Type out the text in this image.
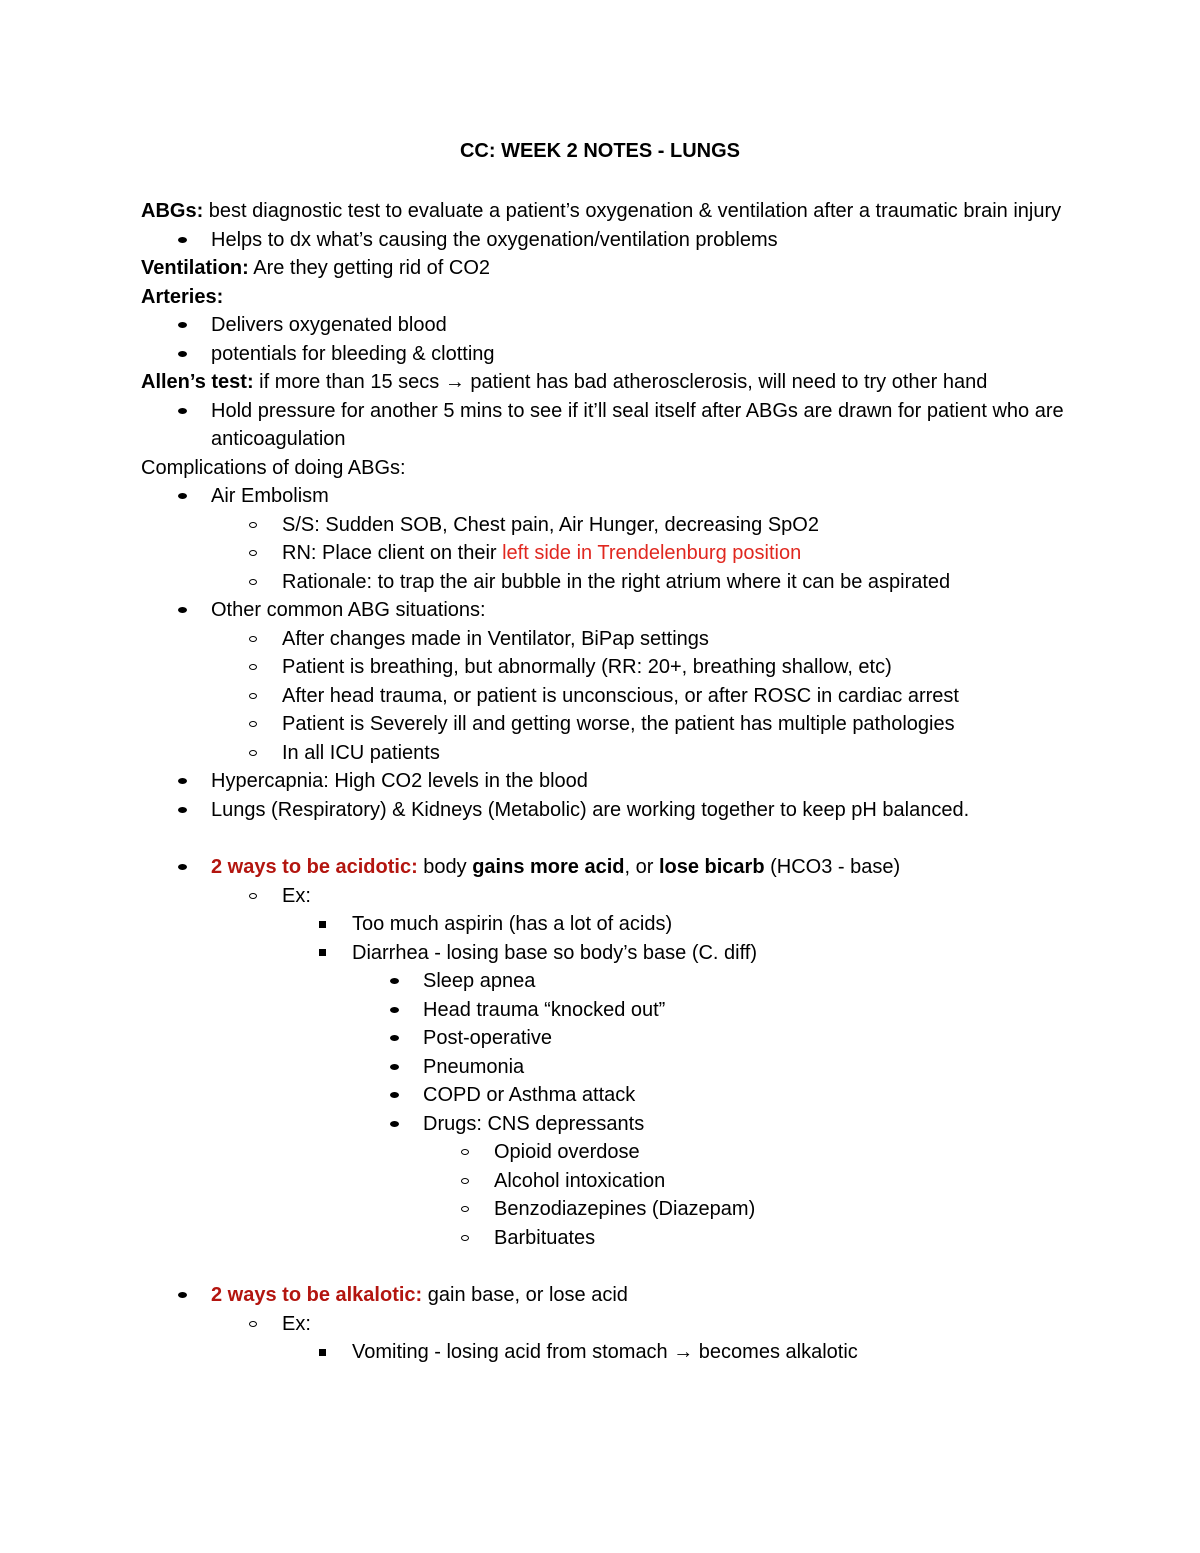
CC: WEEK 2 NOTES - LUNGS

ABGs: best diagnostic test to evaluate a patient’s oxygenation & ventilation after a traumatic brain injury

Helps to dx what’s causing the oxygenation/ventilation problems

Ventilation: Are they getting rid of CO2

Arteries:

Delivers oxygenated blood
potentials for bleeding & clotting

Allen’s test: if more than 15 secs → patient has bad atherosclerosis, will need to try other hand

Hold pressure for another 5 mins to see if it’ll seal itself after ABGs are drawn for patient who are anticoagulation

Complications of doing ABGs:

Air Embolism
S/S: Sudden SOB, Chest pain, Air Hunger, decreasing SpO2
RN: Place client on their left side in Trendelenburg position
Rationale: to trap the air bubble in the right atrium where it can be aspirated
Other common ABG situations:
After changes made in Ventilator, BiPap settings
Patient is breathing, but abnormally (RR: 20+, breathing shallow, etc)
After head trauma, or patient is unconscious, or after ROSC in cardiac arrest
Patient is Severely ill and getting worse, the patient has multiple pathologies
In all ICU patients
Hypercapnia: High CO2 levels in the blood
Lungs (Respiratory) & Kidneys (Metabolic) are working together to keep pH balanced.
2 ways to be acidotic: body gains more acid, or lose bicarb (HCO3 - base)
Ex:
Too much aspirin (has a lot of acids)
Diarrhea - losing base so body’s base (C. diff)
Sleep apnea
Head trauma “knocked out”
Post-operative
Pneumonia
COPD or Asthma attack
Drugs: CNS depressants
Opioid overdose
Alcohol intoxication
Benzodiazepines (Diazepam)
Barbituates
2 ways to be alkalotic: gain base, or lose acid
Ex:
Vomiting - losing acid from stomach → becomes alkalotic
